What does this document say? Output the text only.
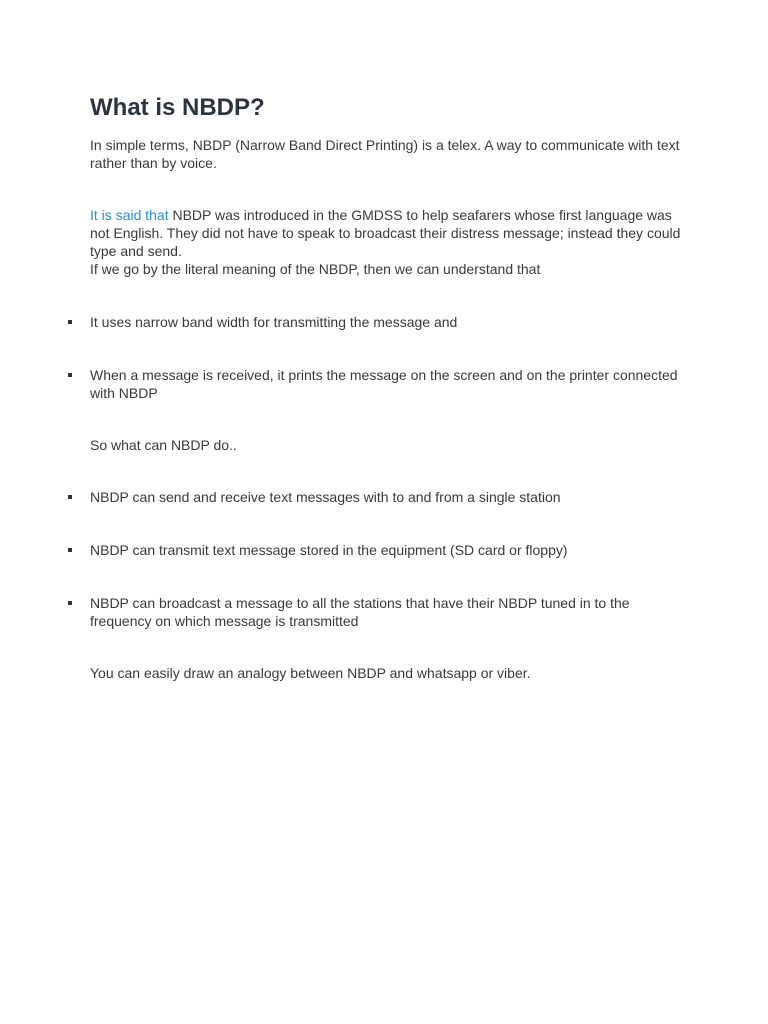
What is NBDP?

In simple terms, NBDP (Narrow Band Direct Printing) is a telex. A way to communicate with text rather than by voice.

It is said that NBDP was introduced in the GMDSS to help seafarers whose first language was not English. They did not have to speak to broadcast their distress message; instead they could type and send.

If we go by the literal meaning of the NBDP, then we can understand that

It uses narrow band width for transmitting the message and
When a message is received, it prints the message on the screen and on the printer connected with NBDP

So what can NBDP do..

NBDP can send and receive text messages with to and from a single station
NBDP can transmit text message stored in the equipment (SD card or floppy)
NBDP can broadcast a message to all the stations that have their NBDP tuned in to the frequency on which message is transmitted

You can easily draw an analogy between NBDP and whatsapp or viber.
